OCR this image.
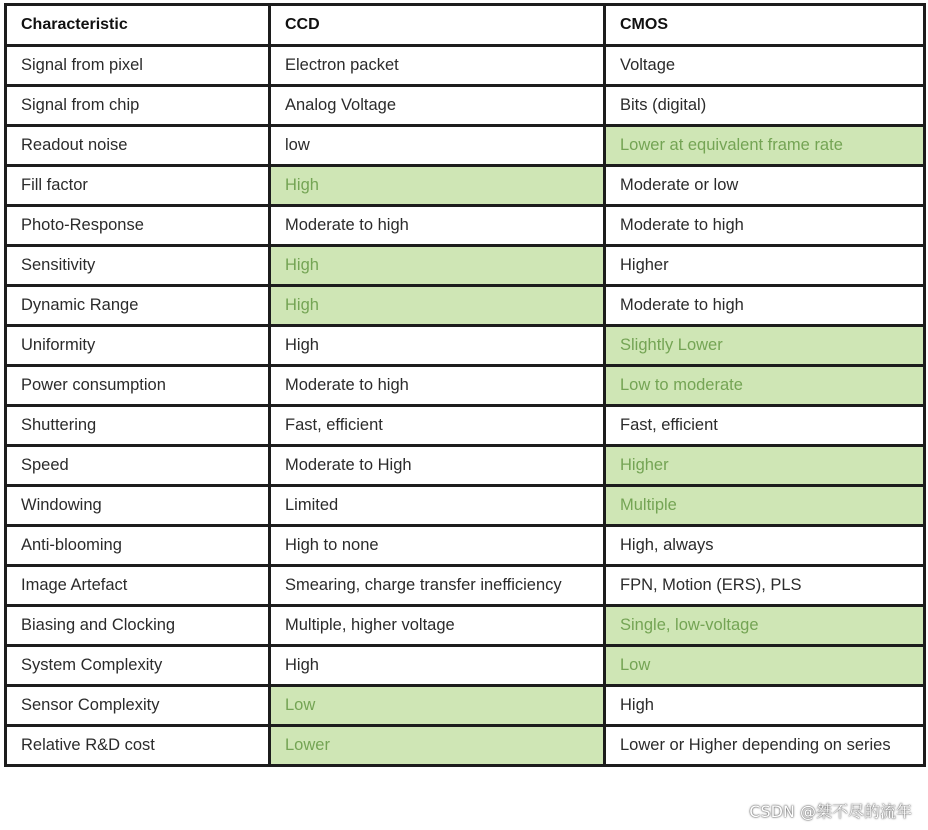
Characteristic	CCD	CMOS
Signal from pixel	Electron packet	Voltage
Signal from chip	Analog Voltage	Bits (digital)
Readout noise	low	Lower at equivalent frame rate
Fill factor	High	Moderate or low
Photo-Response	Moderate to high	Moderate to high
Sensitivity	High	Higher
Dynamic Range	High	Moderate to high
Uniformity	High	Slightly Lower
Power consumption	Moderate to high	Low to moderate
Shuttering	Fast, efficient	Fast, efficient
Speed	Moderate to High	Higher
Windowing	Limited	Multiple
Anti-blooming	High to none	High, always
Image Artefact	Smearing, charge transfer inefficiency	FPN, Motion (ERS), PLS
Biasing and Clocking	Multiple, higher voltage	Single, low-voltage
System Complexity	High	Low
Sensor Complexity	Low	High
Relative R&D cost	Lower	Lower or Higher depending on series
CSDN @桀不尽的流年
